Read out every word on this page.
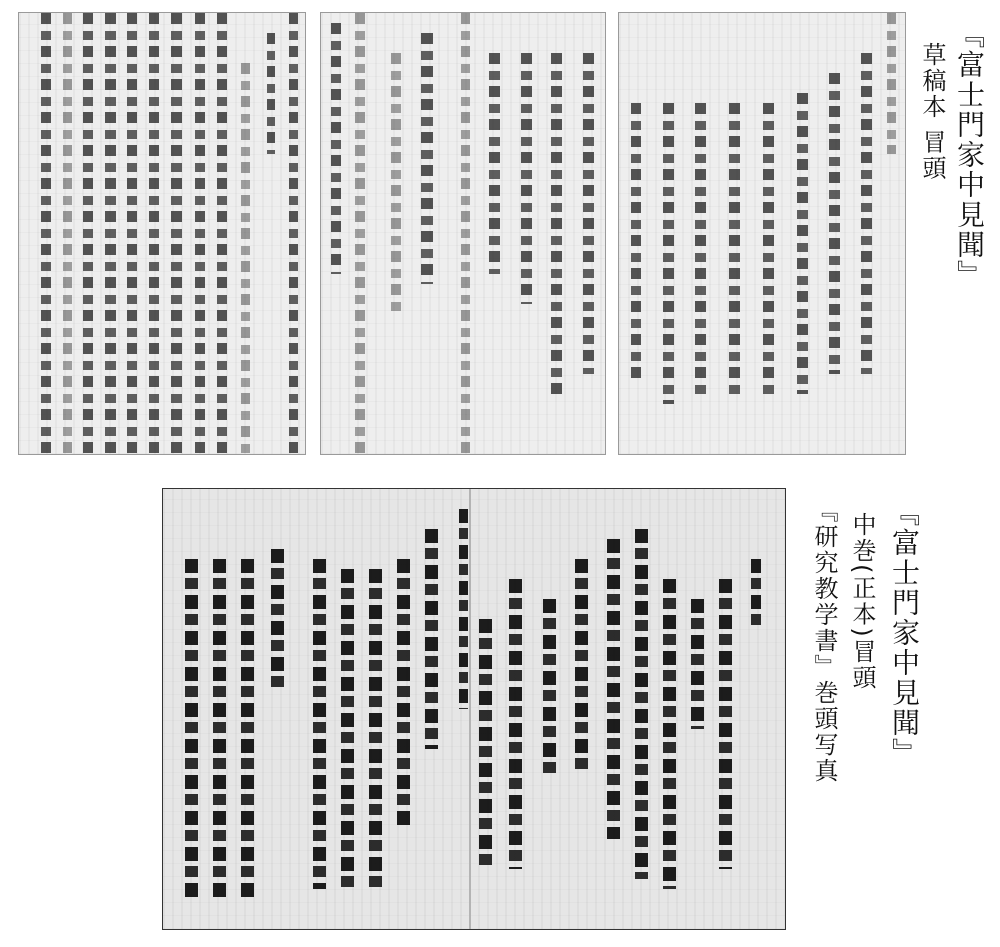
『富士門家中見聞』
草稿本 冒頭
『富士門家中見聞』
中巻(正本)冒頭
『研究教学書』巻頭写真
